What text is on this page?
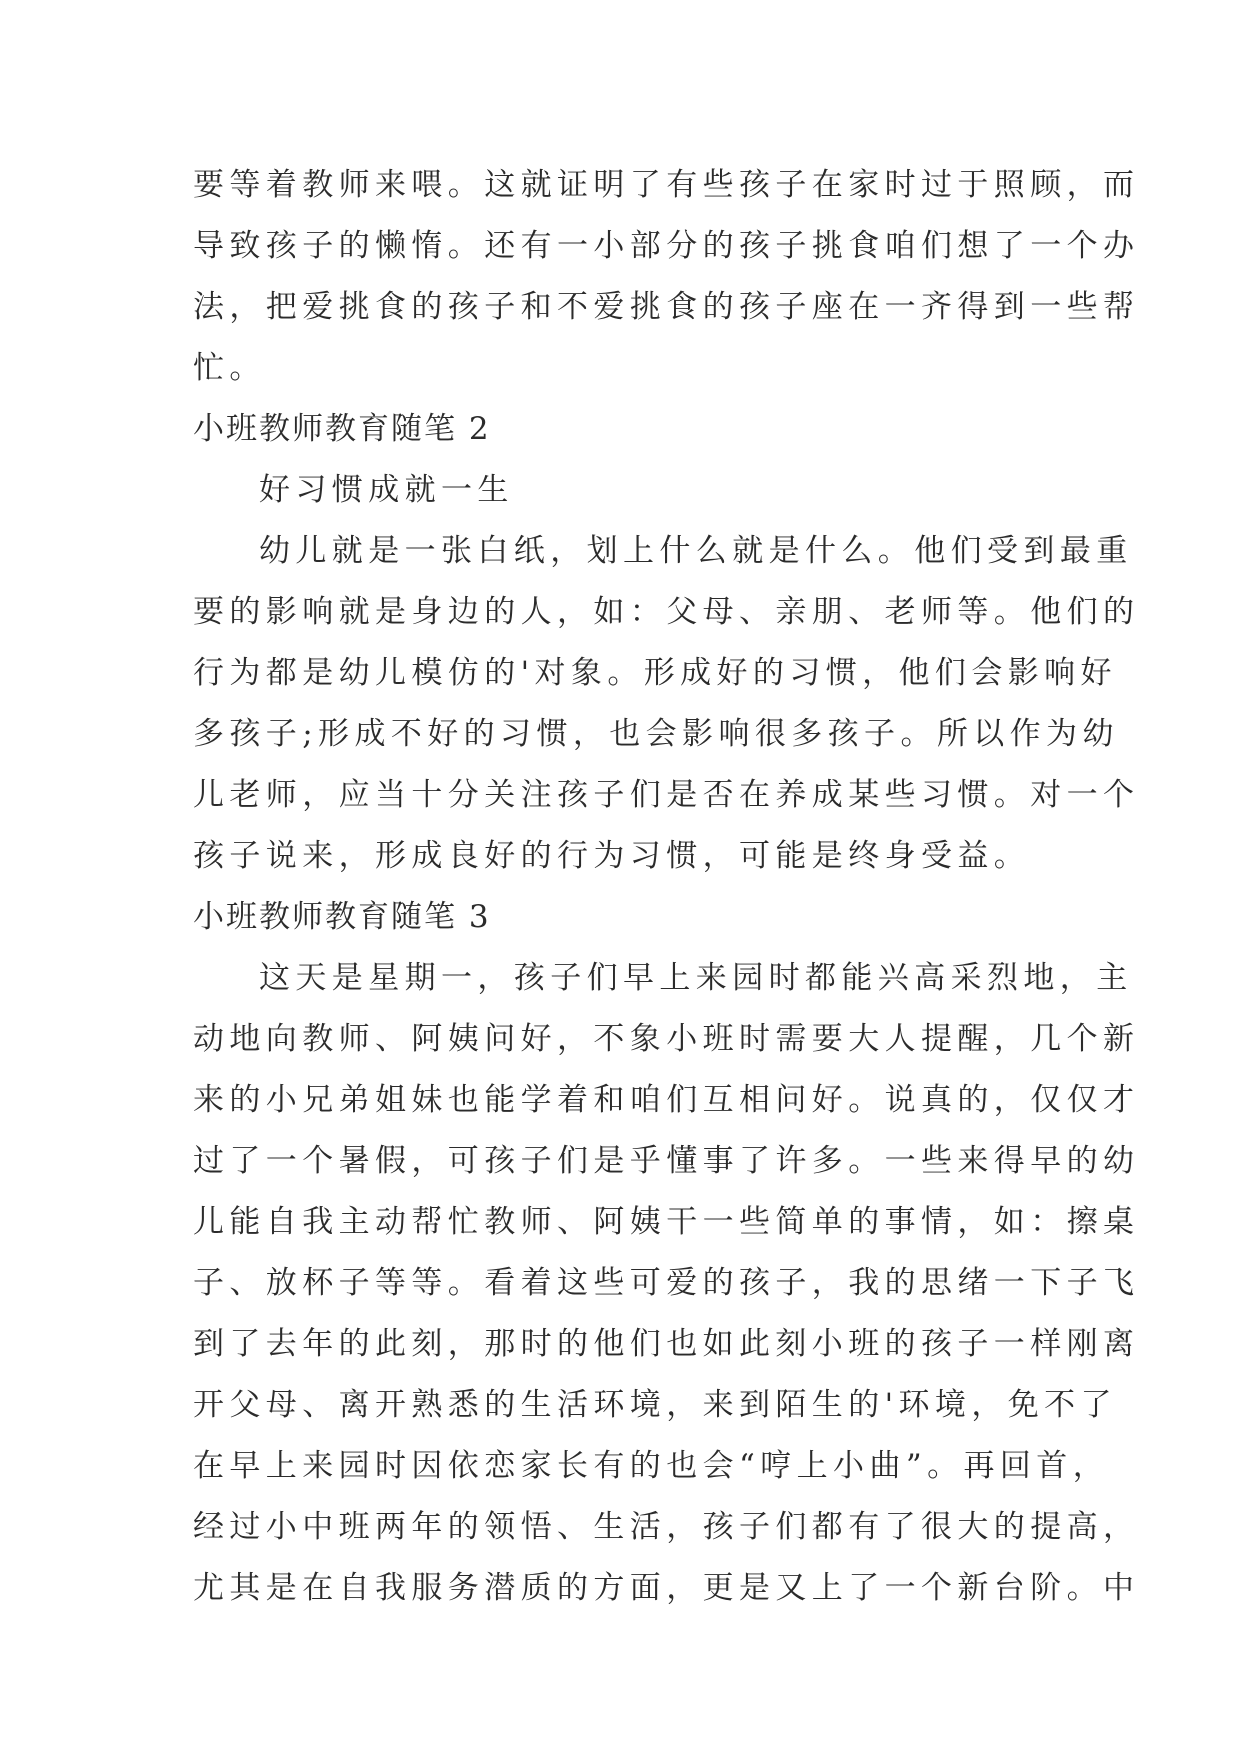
要等着教师来喂。这就证明了有些孩子在家时过于照顾，而
导致孩子的懒惰。还有一小部分的孩子挑食咱们想了一个办
法，把爱挑食的孩子和不爱挑食的孩子座在一齐得到一些帮
忙。
小班教师教育随笔 2
好习惯成就一生
幼儿就是一张白纸，划上什么就是什么。他们受到最重
要的影响就是身边的人，如：父母、亲朋、老师等。他们的
行为都是幼儿模仿的'对象。形成好的习惯，他们会影响好
多孩子;形成不好的习惯，也会影响很多孩子。所以作为幼
儿老师，应当十分关注孩子们是否在养成某些习惯。对一个
孩子说来，形成良好的行为习惯，可能是终身受益。
小班教师教育随笔 3
这天是星期一，孩子们早上来园时都能兴高采烈地，主
动地向教师、阿姨问好，不象小班时需要大人提醒，几个新
来的小兄弟姐妹也能学着和咱们互相问好。说真的，仅仅才
过了一个暑假，可孩子们是乎懂事了许多。一些来得早的幼
儿能自我主动帮忙教师、阿姨干一些简单的事情，如：擦桌
子、放杯子等等。看着这些可爱的孩子，我的思绪一下子飞
到了去年的此刻，那时的他们也如此刻小班的孩子一样刚离
开父母、离开熟悉的生活环境，来到陌生的'环境，免不了
在早上来园时因依恋家长有的也会“哼上小曲”。再回首，
经过小中班两年的领悟、生活，孩子们都有了很大的提高，
尤其是在自我服务潜质的方面，更是又上了一个新台阶。中
